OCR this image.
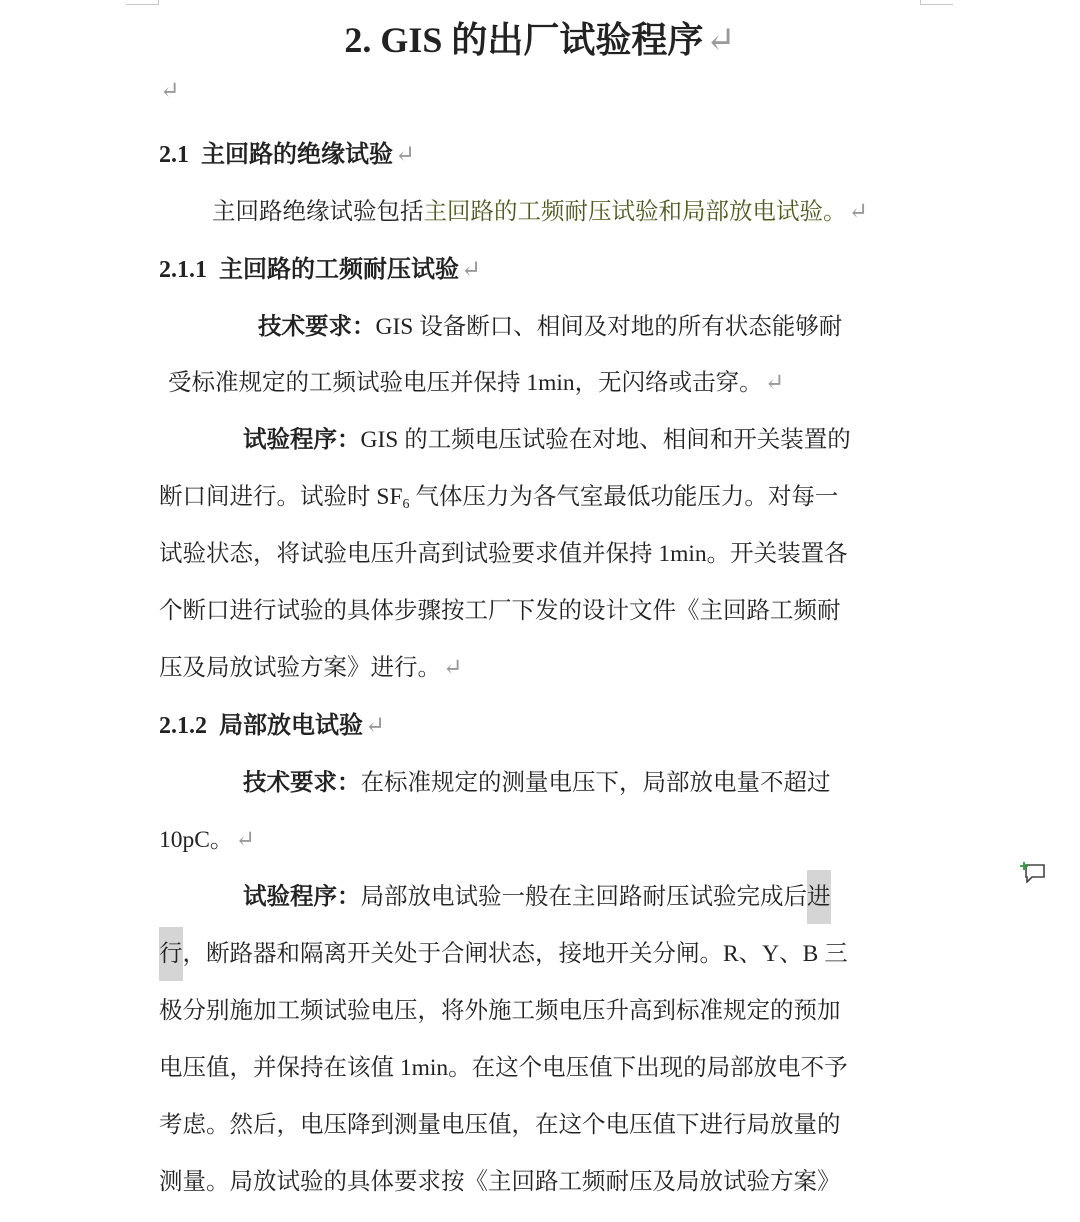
2. GIS 的出厂试验程序↵
↵
2.1 主回路的绝缘试验↵
主回路绝缘试验包括主回路的工频耐压试验和局部放电试验。↵
2.1.1 主回路的工频耐压试验↵
技术要求：GIS 设备断口、相间及对地的所有状态能够耐
受标准规定的工频试验电压并保持 1min，无闪络或击穿。↵
试验程序：GIS 的工频电压试验在对地、相间和开关装置的
断口间进行。试验时 $SF_6$ 气体压力为各气室最低功能压力。对每一
试验状态，将试验电压升高到试验要求值并保持 1min。开关装置各
个断口进行试验的具体步骤按工厂下发的设计文件《主回路工频耐
压及局放试验方案》进行。↵
2.1.2 局部放电试验↵
技术要求：在标准规定的测量电压下，局部放电量不超过
10pC。↵
试验程序：局部放电试验一般在主回路耐压试验完成后进
行，断路器和隔离开关处于合闸状态，接地开关分闸。R、Y、B 三
极分别施加工频试验电压，将外施工频电压升高到标准规定的预加
电压值，并保持在该值 1min。在这个电压值下出现的局部放电不予
考虑。然后，电压降到测量电压值，在这个电压值下进行局放量的
测量。局放试验的具体要求按《主回路工频耐压及局放试验方案》
